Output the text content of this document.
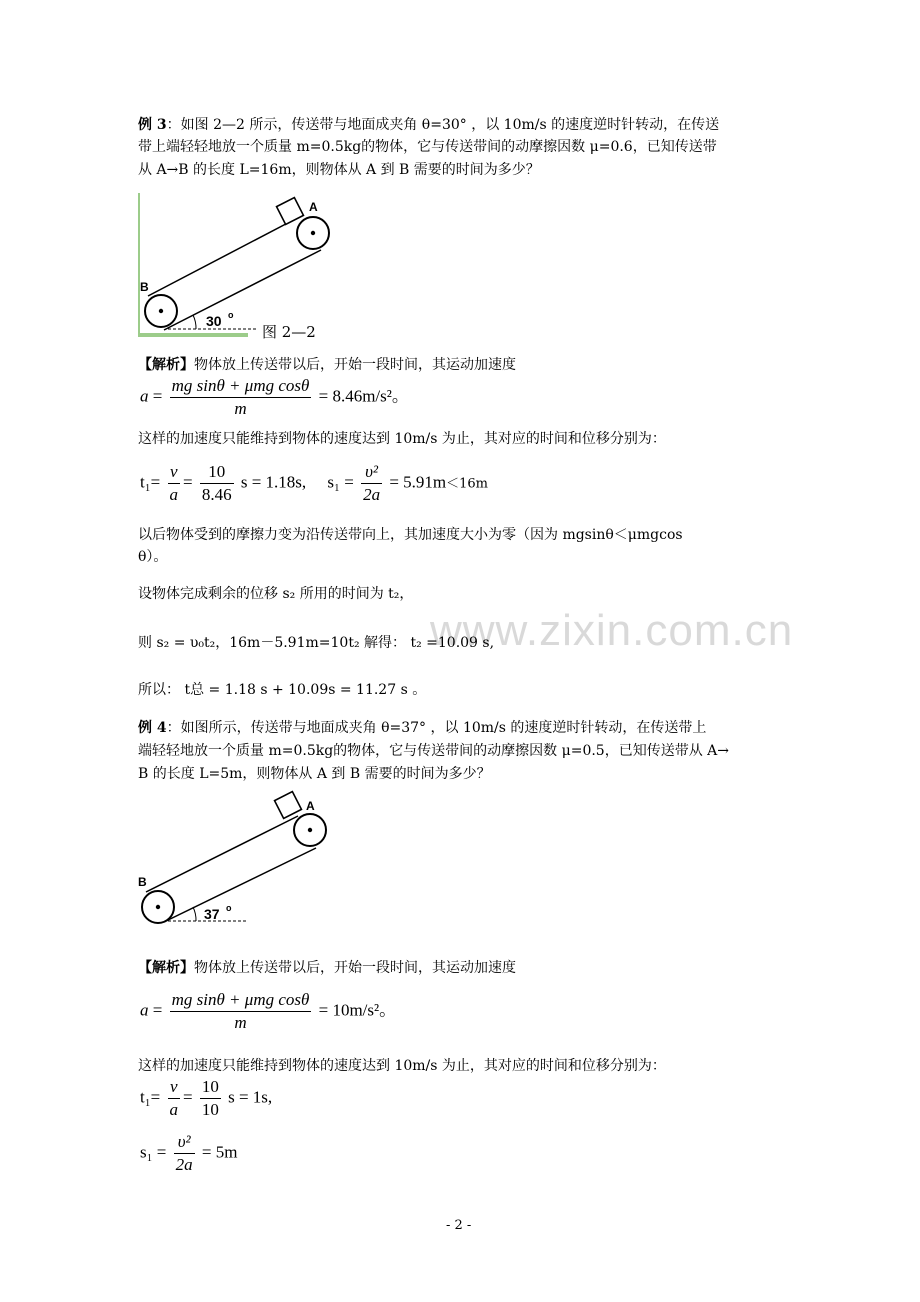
www.zixin.com.cn
例 3：如图 2—2 所示，传送带与地面成夹角 θ=30° ，以 10m/s 的速度逆时针转动，在传送
带上端轻轻地放一个质量 m=0.5kg的物体，它与传送带间的动摩擦因数 μ=0.6，已知传送带
从 A→B 的长度 L=16m，则物体从 A 到 B 需要的时间为多少？
30 o
B
A
图 2—2
【解析】物体放上传送带以后，开始一段时间，其运动加速度
$a = \frac{\text{mg sinθ + μmg cosθ}}{m} = 8.46m/s^2$。
这样的加速度只能维持到物体的速度达到 10m/s 为止，其对应的时间和位移分别为：
$t_1= \frac{v}{a} = \frac{10}{8.46}$ s = 1.18s, $s_1 = \frac{\text{υ²}}{2a} = 5.91m<16m$
以后物体受到的摩擦力变为沿传送带向上，其加速度大小为零（因为 mgsinθ＜μmgcos
θ）。
设物体完成剩余的位移 s₂ 所用的时间为 t₂，
则 s₂ = υ₀t₂，16m－5.91m=10t₂ 解得： t₂ =10.09 s,
所以： t总 = 1.18 s + 10.09s = 11.27 s 。
例 4：如图所示，传送带与地面成夹角 θ=37° ，以 10m/s 的速度逆时针转动，在传送带上
端轻轻地放一个质量 m=0.5kg的物体，它与传送带间的动摩擦因数 μ=0.5，已知传送带从 A→
B 的长度 L=5m，则物体从 A 到 B 需要的时间为多少？
37 o
B
A
【解析】物体放上传送带以后，开始一段时间，其运动加速度
$a = \frac{\text{mg sinθ + μmg cosθ}}{m} = 10m/s^2$。
这样的加速度只能维持到物体的速度达到 10m/s 为止，其对应的时间和位移分别为：
$t_1= \frac{v}{a} = \frac{10}{10}$ s = 1s,
$s_1 = \frac{\text{υ²}}{2a} = 5m$
- 2 -
